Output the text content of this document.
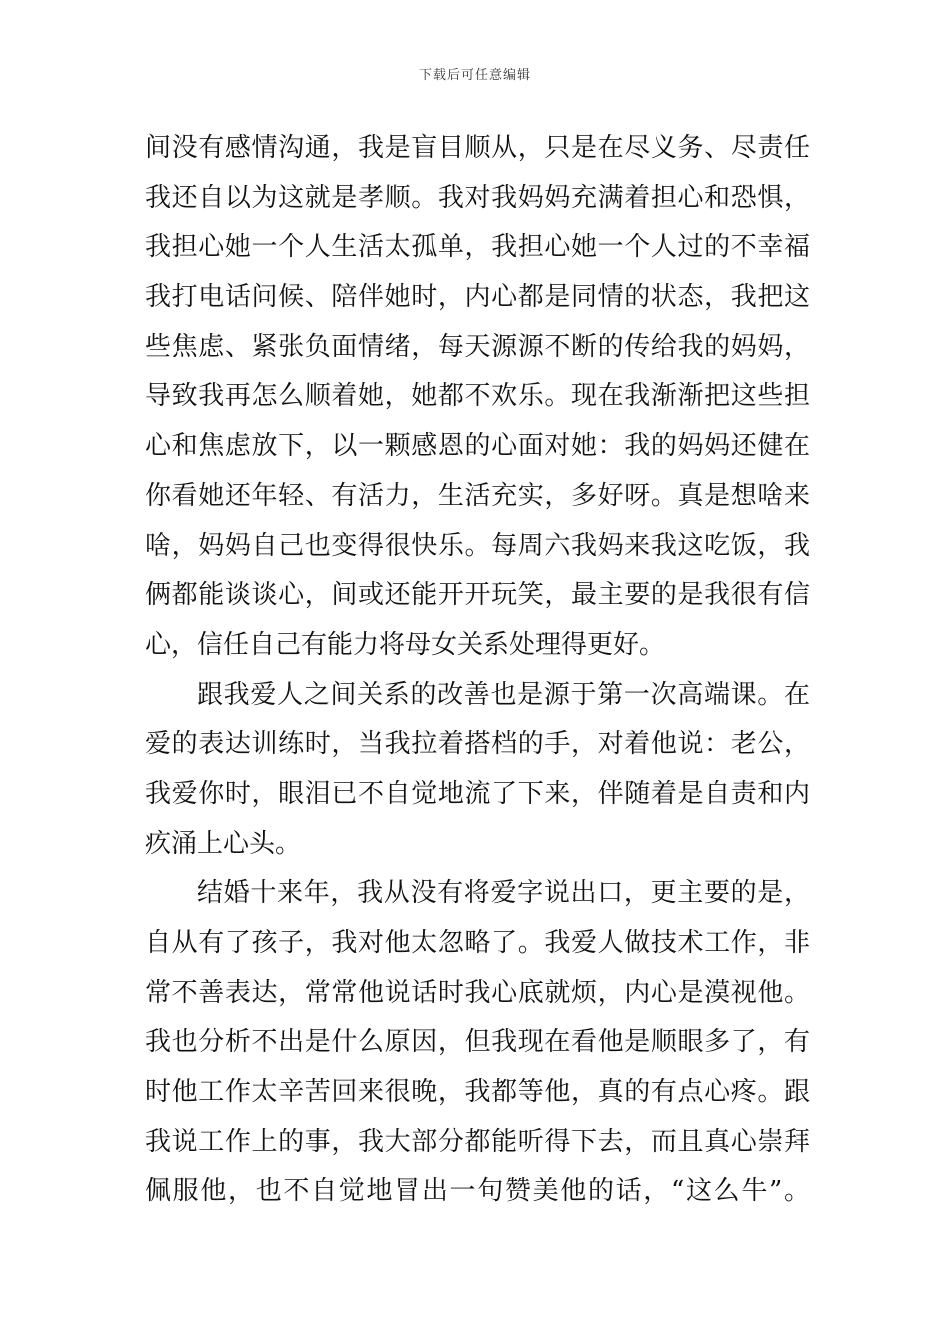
下载后可任意编辑
间没有感情沟通，我是盲目顺从，只是在尽义务、尽责任
我还自以为这就是孝顺。我对我妈妈充满着担心和恐惧，
我担心她一个人生活太孤单，我担心她一个人过的不幸福
我打电话问候、陪伴她时，内心都是同情的状态，我把这
些焦虑、紧张负面情绪，每天源源不断的传给我的妈妈，
导致我再怎么顺着她，她都不欢乐。现在我渐渐把这些担
心和焦虑放下，以一颗感恩的心面对她：我的妈妈还健在
你看她还年轻、有活力，生活充实，多好呀。真是想啥来
啥，妈妈自己也变得很快乐。每周六我妈来我这吃饭，我
俩都能谈谈心，间或还能开开玩笑，最主要的是我很有信
心，信任自己有能力将母女关系处理得更好。
跟我爱人之间关系的改善也是源于第一次高端课。在
爱的表达训练时，当我拉着搭档的手，对着他说：老公，
我爱你时，眼泪已不自觉地流了下来，伴随着是自责和内
疚涌上心头。
结婚十来年，我从没有将爱字说出口，更主要的是，
自从有了孩子，我对他太忽略了。我爱人做技术工作，非
常不善表达，常常他说话时我心底就烦，内心是漠视他。
我也分析不出是什么原因，但我现在看他是顺眼多了，有
时他工作太辛苦回来很晚，我都等他，真的有点心疼。跟
我说工作上的事，我大部分都能听得下去，而且真心崇拜
佩服他，也不自觉地冒出一句赞美他的话，“这么牛”。
